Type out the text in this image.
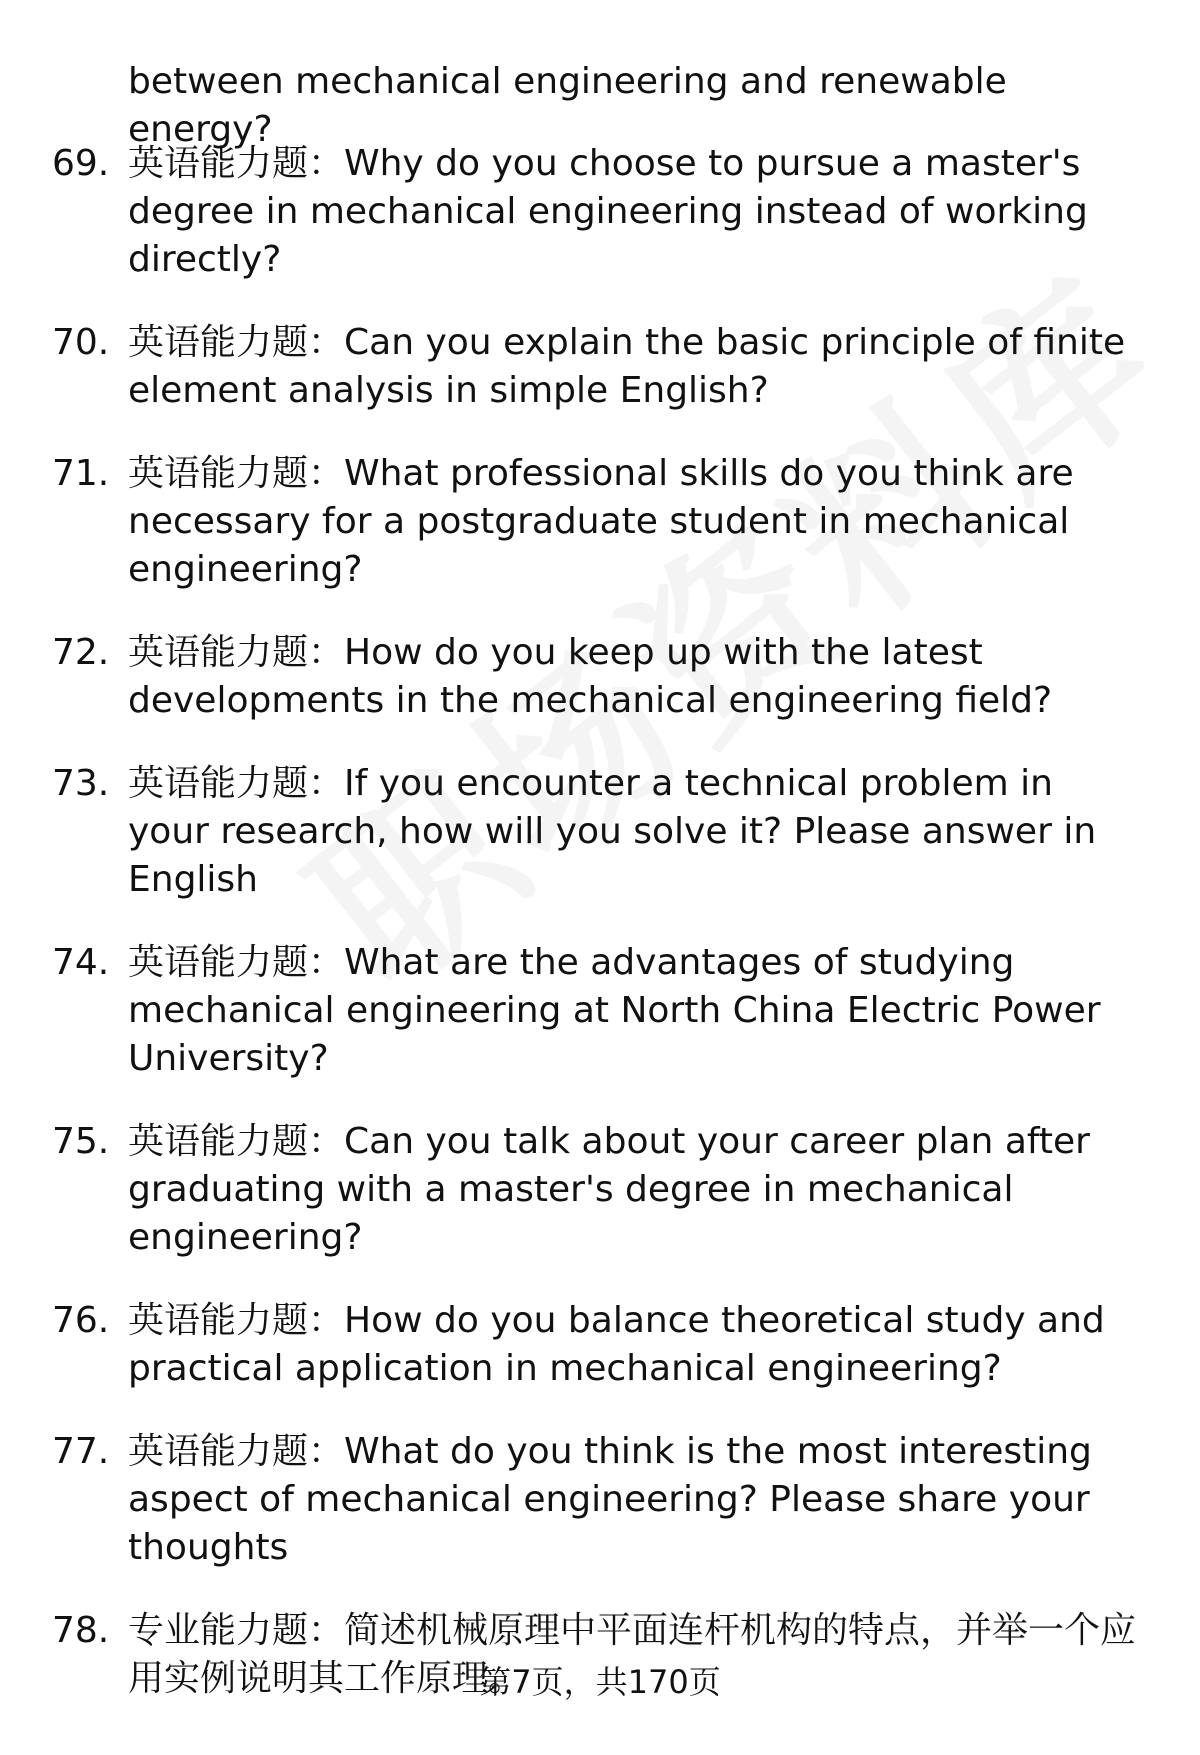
between mechanical engineering and renewable energy?
69. 英语能力题：Why do you choose to pursue a master's degree in mechanical engineering instead of working directly?
70. 英语能力题：Can you explain the basic principle of finite element analysis in simple English?
71. 英语能力题：What professional skills do you think are necessary for a postgraduate student in mechanical engineering?
72. 英语能力题：How do you keep up with the latest developments in the mechanical engineering field?
73. 英语能力题：If you encounter a technical problem in your research, how will you solve it? Please answer in English
74. 英语能力题：What are the advantages of studying mechanical engineering at North China Electric Power University?
75. 英语能力题：Can you talk about your career plan after graduating with a master's degree in mechanical engineering?
76. 英语能力题：How do you balance theoretical study and practical application in mechanical engineering?
77. 英语能力题：What do you think is the most interesting aspect of mechanical engineering? Please share your thoughts
78. 专业能力题：简述机械原理中平面连杆机构的特点，并举一个应用实例说明其工作原理。
第7页，共170页
